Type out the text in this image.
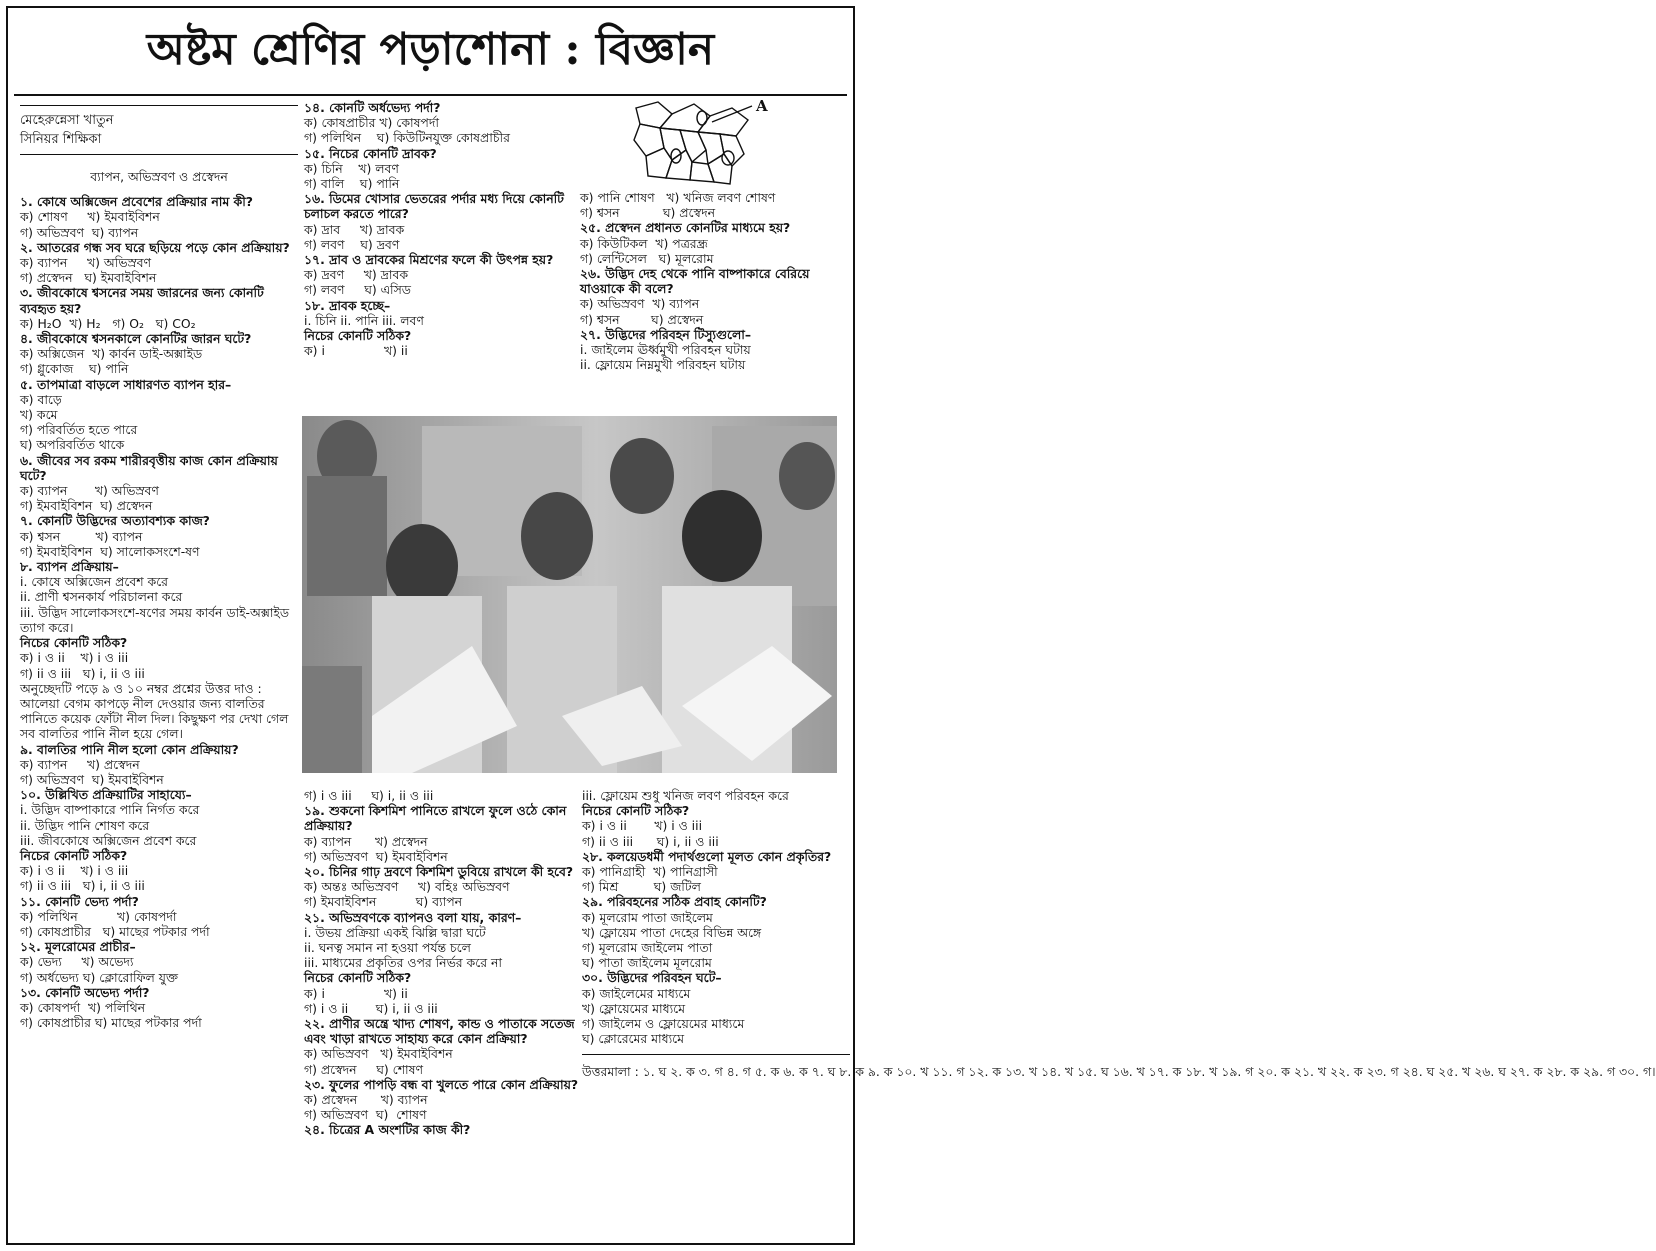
অষ্টম শ্রেণির পড়াশোনা : বিজ্ঞান

মেহেরুন্নেসা খাতুন

সিনিয়র শিক্ষিকা

ব্যাপন, অভিস্রবণ ও প্রস্বেদন

১. কোষে অক্সিজেন প্রবেশের প্রক্রিয়ার নাম কী?

ক) শোষণ     খ) ইমবাইবিশন

গ) অভিস্রবণ  ঘ) ব্যাপন

২. আতরের গন্ধ সব ঘরে ছড়িয়ে পড়ে কোন প্রক্রিয়ায়?

ক) ব্যাপন     খ) অভিস্রবণ

গ) প্রস্বেদন   ঘ) ইমবাইবিশন

৩. জীবকোষে শ্বসনের সময় জারনের জন্য কোনটি ব্যবহৃত হয়?

ক) H₂O  খ) H₂   গ) O₂   ঘ) CO₂

৪. জীবকোষে শ্বসনকালে কোনটির জারন ঘটে?

ক) অক্সিজেন  খ) কার্বন ডাই-অক্সাইড

গ) গ্লুকোজ    ঘ) পানি

৫. তাপমাত্রা বাড়লে সাধারণত ব্যাপন হার–

ক) বাড়ে

খ) কমে

গ) পরিবর্তিত হতে পারে

ঘ) অপরিবর্তিত থাকে

৬. জীবের সব রকম শারীরবৃত্তীয় কাজ কোন প্রক্রিয়ায় ঘটে?

ক) ব্যাপন       খ) অভিস্রবণ

গ) ইমবাইবিশন  ঘ) প্রস্বেদন

৭. কোনটি উদ্ভিদের অত্যাবশ্যক কাজ?

ক) শ্বসন         খ) ব্যাপন

গ) ইমবাইবিশন  ঘ) সালোকসংশে-ষণ

৮. ব্যাপন প্রক্রিয়ায়–

i. কোষে অক্সিজেন প্রবেশ করে

ii. প্রাণী শ্বসনকার্য পরিচালনা করে

iii. উদ্ভিদ সালোকসংশে-ষণের সময় কার্বন ডাই-অক্সাইড ত্যাগ করে।

নিচের কোনটি সঠিক?

ক) i ও ii    খ) i ও iii

গ) ii ও iii   ঘ) i, ii ও iii

অনুচ্ছেদটি পড়ে ৯ ও ১০ নম্বর প্রশ্নের উত্তর দাও :

আলেয়া বেগম কাপড়ে নীল দেওয়ার জন্য বালতির পানিতে কয়েক ফোঁটা নীল দিল। কিছুক্ষণ পর দেখা গেল সব বালতির পানি নীল হয়ে গেল।

৯. বালতির পানি নীল হলো কোন প্রক্রিয়ায়?

ক) ব্যাপন     খ) প্রস্বেদন

গ) অভিস্রবণ  ঘ) ইমবাইবিশন

১০. উল্লিখিত প্রক্রিয়াটির সাহায্যে–

i. উদ্ভিদ বাষ্পাকারে পানি নির্গত করে

ii. উদ্ভিদ পানি শোষণ করে

iii. জীবকোষে অক্সিজেন প্রবেশ করে

নিচের কোনটি সঠিক?

ক) i ও ii    খ) i ও iii

গ) ii ও iii   ঘ) i, ii ও iii

১১. কোনটি ভেদ্য পর্দা?

ক) পলিথিন          খ) কোষপর্দা

গ) কোষপ্রাচীর   ঘ) মাছের পটকার পর্দা

১২. মূলরোমের প্রাচীর–

ক) ভেদ্য     খ) অভেদ্য

গ) অর্ধভেদ্য ঘ) ক্লোরোফিল যুক্ত

১৩. কোনটি অভেদ্য পর্দা?

ক) কোষপর্দা  খ) পলিথিন

গ) কোষপ্রাচীর ঘ) মাছের পটকার পর্দা

১৪. কোনটি অর্ধভেদ্য পর্দা?

ক) কোষপ্রাচীর খ) কোষপর্দা

গ) পলিথিন    ঘ) কিউটিনযুক্ত কোষপ্রাচীর

১৫. নিচের কোনটি দ্রাবক?

ক) চিনি    খ) লবণ

গ) বালি    ঘ) পানি

১৬. ডিমের খোসার ভেতরের পর্দার মধ্য দিয়ে কোনটি চলাচল করতে পারে?

ক) দ্রাব     খ) দ্রাবক

গ) লবণ    ঘ) দ্রবণ

১৭. দ্রাব ও দ্রাবকের মিশ্রণের ফলে কী উৎপন্ন হয়?

ক) দ্রবণ     খ) দ্রাবক

গ) লবণ     ঘ) এসিড

১৮. দ্রাবক হচ্ছে–

i. চিনি ii. পানি iii. লবণ

নিচের কোনটি সঠিক?

ক) i               খ) ii

A

ক) পানি শোষণ   খ) খনিজ লবণ শোষণ

গ) শ্বসন           ঘ) প্রস্বেদন

২৫. প্রস্বেদন প্রধানত কোনটির মাধ্যমে হয়?

ক) কিউটিকল  খ) পত্ররন্ধ্র

গ) লেন্টিসেল   ঘ) মূলরোম

২৬. উদ্ভিদ দেহ থেকে পানি বাষ্পাকারে বেরিয়ে যাওয়াকে কী বলে?

ক) অভিস্রবণ  খ) ব্যাপন

গ) শ্বসন        ঘ) প্রস্বেদন

২৭. উদ্ভিদের পরিবহন টিস্যুগুলো–

i. জাইলেম ঊর্ধ্বমুখী পরিবহন ঘটায়

ii. ফ্লোয়েম নিম্নমুখী পরিবহন ঘটায়

গ) i ও iii     ঘ) i, ii ও iii

১৯. শুকনো কিশমিশ পানিতে রাখলে ফুলে ওঠে কোন প্রক্রিয়ায়?

ক) ব্যাপন      খ) প্রস্বেদন

গ) অভিস্রবণ  ঘ) ইমবাইবিশন

২০. চিনির গাঢ় দ্রবণে কিশমিশ ডুবিয়ে রাখলে কী হবে?

ক) অন্তঃ অভিস্রবণ     খ) বহিঃ অভিস্রবণ

গ) ইমবাইবিশন          ঘ) ব্যাপন

২১. অভিস্রবণকে ব্যাপনও বলা যায়, কারণ–

i. উভয় প্রক্রিয়া একই ঝিল্লি দ্বারা ঘটে

ii. ঘনত্ব সমান না হওয়া পর্যন্ত চলে

iii. মাধ্যমের প্রকৃতির ওপর নির্ভর করে না

নিচের কোনটি সঠিক?

ক) i               খ) ii

গ) i ও ii       ঘ) i, ii ও iii

২২. প্রাণীর অন্ত্রে খাদ্য শোষণ, কান্ড ও পাতাকে সতেজ এবং খাড়া রাখতে সাহায্য করে কোন প্রক্রিয়া?

ক) অভিস্রবণ   খ) ইমবাইবিশন

গ) প্রস্বেদন     ঘ) শোষণ

২৩. ফুলের পাপড়ি বন্ধ বা খুলতে পারে কোন প্রক্রিয়ায়?

ক) প্রস্বেদন      খ) ব্যাপন

গ) অভিস্রবণ  ঘ)  শোষণ

২৪. চিত্রের A অংশটির কাজ কী?

iii. ফ্লোয়েম শুধু খনিজ লবণ পরিবহন করে

নিচের কোনটি সঠিক?

ক) i ও ii       খ) i ও iii

গ) ii ও iii      ঘ) i, ii ও iii

২৮. কলয়েডধর্মী পদার্থগুলো মূলত কোন প্রকৃতির?

ক) পানিগ্রাহী  খ) পানিগ্রাসী

গ) মিশ্র         ঘ) জটিল

২৯. পরিবহনের সঠিক প্রবাহ কোনটি?

ক) মূলরোম পাতা জাইলেম

খ) ফ্লোয়েম পাতা দেহের বিভিন্ন অঙ্গে

গ) মূলরোম জাইলেম পাতা

ঘ) পাতা জাইলেম মূলরোম

৩০. উদ্ভিদের পরিবহন ঘটে–

ক) জাইলেমের মাধ্যমে

খ) ফ্লোয়েমের মাধ্যমে

গ) জাইলেম ও ফ্লোয়েমের মাধ্যমে

ঘ) ক্লোরেমের মাধ্যমে

উত্তরমালা : ১. ঘ ২. ক ৩. গ ৪. গ ৫. ক ৬. ক ৭. ঘ ৮. ক ৯. ক ১০. খ ১১. গ ১২. ক ১৩. খ ১৪. খ ১৫. ঘ ১৬. খ ১৭. ক ১৮. খ ১৯. গ ২০. ক ২১. খ ২২. ক ২৩. গ ২৪. ঘ ২৫. খ ২৬. ঘ ২৭. ক ২৮. ক ২৯. গ ৩০. গ।
